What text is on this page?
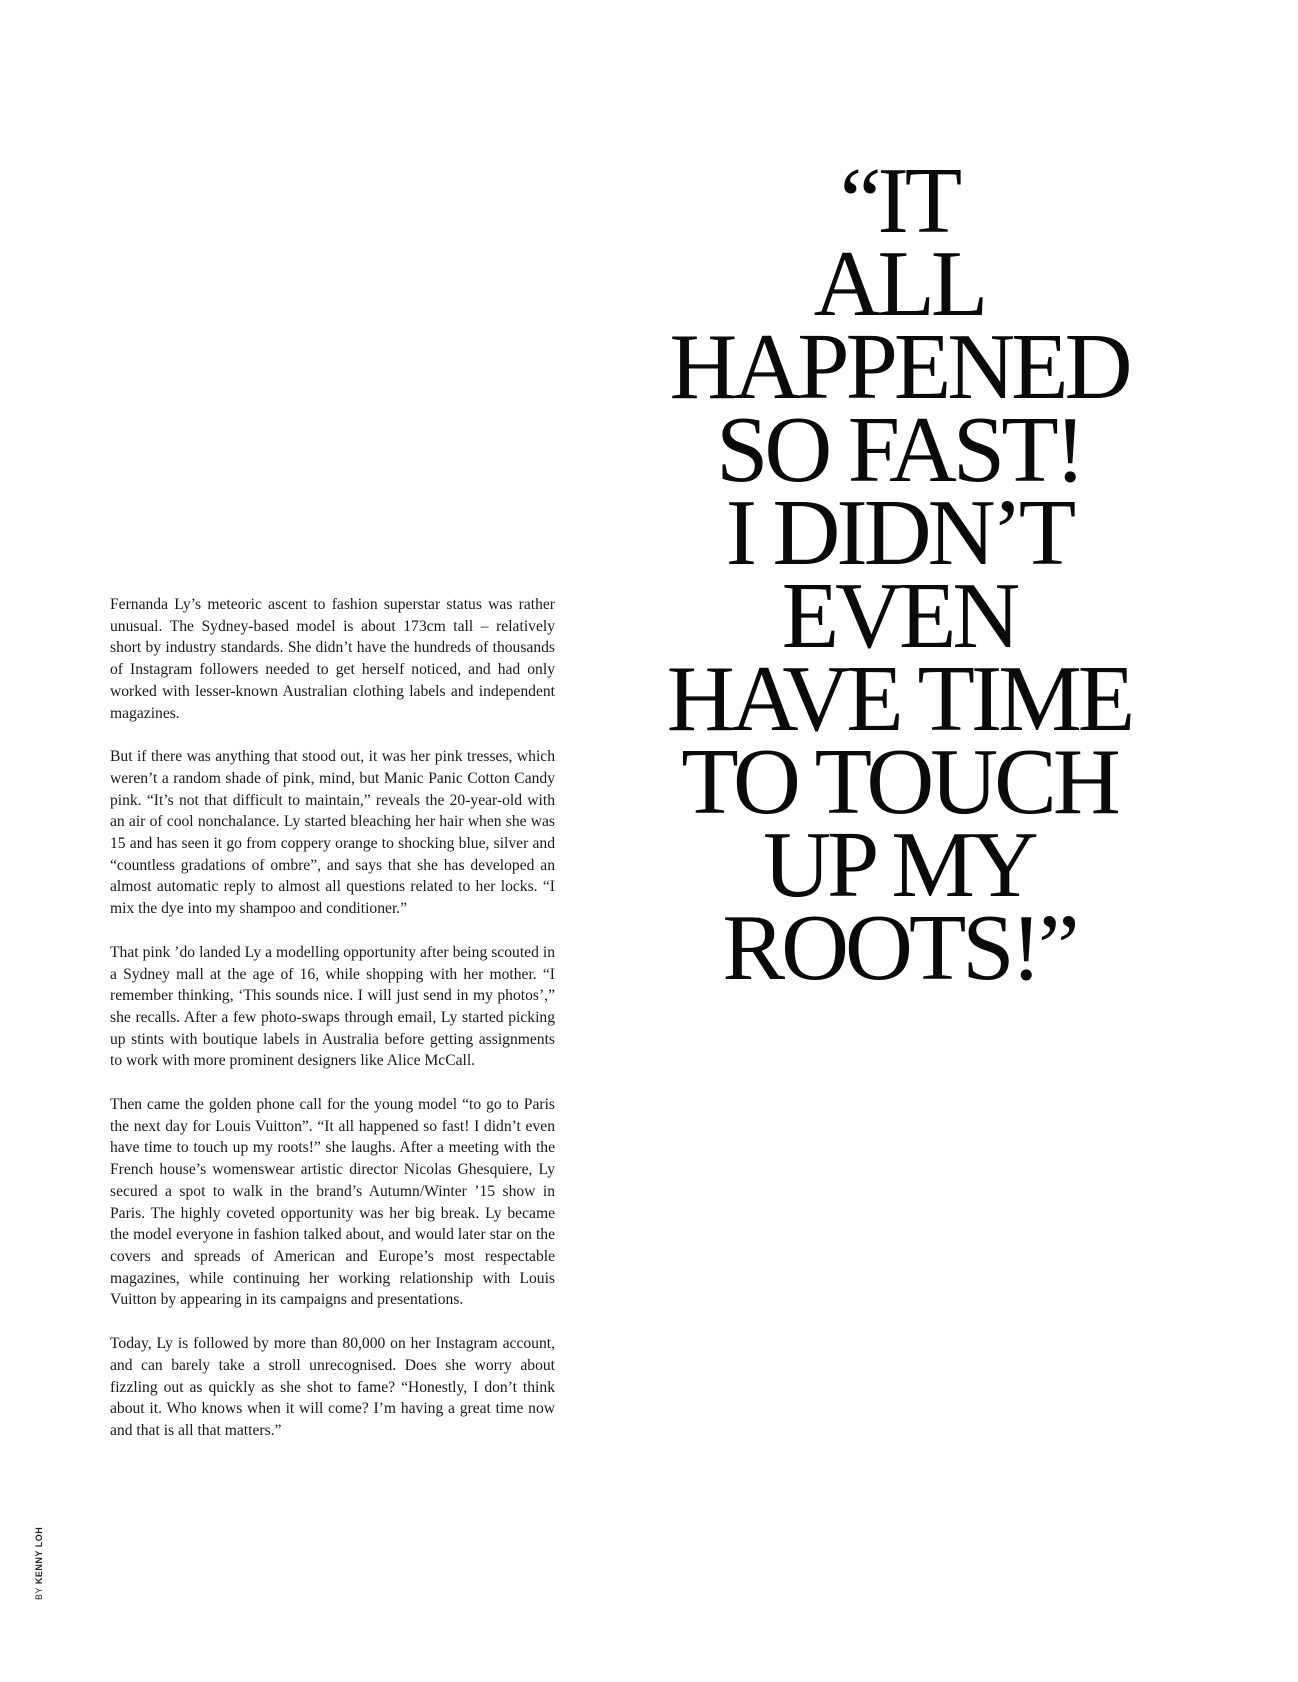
“IT
ALL
HAPPENED
SO FAST!
I DIDN’T
EVEN
HAVE TIME
TO TOUCH
UP MY
ROOTS!”

Fernanda Ly’s meteoric ascent to fashion superstar status was rather unusual. The Sydney-based model is about 173cm tall – relatively short by industry standards. She didn’t have the hundreds of thousands of Instagram followers needed to get herself noticed, and had only worked with lesser-known Australian clothing labels and independent magazines.

But if there was anything that stood out, it was her pink tresses, which weren’t a random shade of pink, mind, but Manic Panic Cotton Candy pink. “It’s not that difficult to maintain,” reveals the 20-year-old with an air of cool nonchalance. Ly started bleaching her hair when she was 15 and has seen it go from coppery orange to shocking blue, silver and “countless gradations of ombre”, and says that she has developed an almost automatic reply to almost all questions related to her locks. “I mix the dye into my shampoo and conditioner.”

That pink ’do landed Ly a modelling opportunity after being scouted in a Sydney mall at the age of 16, while shopping with her mother. “I remember thinking, ‘This sounds nice. I will just send in my photos’,” she recalls. After a few photo-swaps through email, Ly started picking up stints with boutique labels in Australia before getting assignments to work with more prominent designers like Alice McCall.

Then came the golden phone call for the young model “to go to Paris the next day for Louis Vuitton”. “It all happened so fast! I didn’t even have time to touch up my roots!” she laughs. After a meeting with the French house’s womenswear artistic director Nicolas Ghesquiere, Ly secured a spot to walk in the brand’s Autumn/Winter ’15 show in Paris. The highly coveted opportunity was her big break. Ly became the model everyone in fashion talked about, and would later star on the covers and spreads of American and Europe’s most respectable magazines, while continuing her working relationship with Louis Vuitton by appearing in its campaigns and presentations.

Today, Ly is followed by more than 80,000 on her Instagram account, and can barely take a stroll unrecognised. Does she worry about fizzling out as quickly as she shot to fame? “Honestly, I don’t think about it. Who knows when it will come? I’m having a great time now and that is all that matters.”

BY KENNY LOH
